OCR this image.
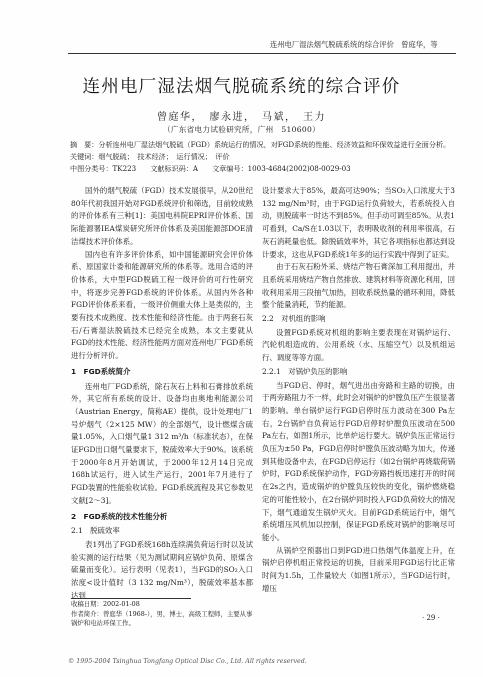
连州电厂湿法烟气脱硫系统的综合评价　曾庭华，等
连州电厂湿法烟气脱硫系统的综合评价
曾庭华，　廖永进，　马斌，　王力
（广东省电力试验研究所，广州　510600）
摘　要：分析连州电厂湿法烟气脱硫（FGD）系统运行的情况，对FGD系统的性能、经济效益和环保效益进行全面分析。
关键词：烟气脱硫；　技术经济；　运行情况；　评价
中图分类号：TK223　　文献标识码：A　　文章编号：1003-4684(2002)08-0029-03

国外的烟气脱硫（FGD）技术发展很早，从20世纪80年代初我国开始对FGD系统评价和筛选，目前较成熟的评价体系有三种[1]：美国电科院EPRI评价体系、国际能源署IEA煤炭研究所评价体系及美国能源部DOE清洁煤技术评价体系。

国内也有许多评价体系，如中国能源研究会评价体系、原国家计委和能源研究所的体系等。选用合适的评价体系，大中型FGD脱硫工程一级评价的可行性研究中，将逐步完善FGD系统的评价体系。从国内外各种FGD评价体系来看，一级评价侧重大体上是类似的，主要有技术成熟度、技术性能和经济性能。由于两套石灰石/石膏湿法脱硫技术已经完全成熟，本文主要就从FGD的技术性能、经济性能两方面对连州电厂FGD系统进行分析评价。

1　FGD系统简介

连州电厂FGD系统，除石灰石上料和石膏排放系统外，其它所有系统的设计、设备均由奥地利能源公司（Austrian Energy，简称AE）提供，设计处理电厂1号炉烟气（2×125 MW）的全部烟气，设计燃煤含硫量1.05%，入口烟气量1 312 m³/h（标准状态），在保证FGD出口烟气量要求下，脱硫效率大于90%。该系统于2000年8月开始调试，于2000年12月14日完成168h试运行，进入试生产运行，2001年7月进行了FGD装置的性能验收试验。FGD系统流程及其它参数见文献[2～3]。

2　FGD系统的技术性能分析

2.1　脱硫效率

表1列出了FGD系统168h连续满负荷运行时以及试验实测的运行结果（见为测试期间应锅炉负荷、原煤含硫量而变化）。运行表明（见表1），当FGD的SO₂入口浓度<设计值时（3 132 mg/Nm³），脱硫效率基本都达到

设计要求大于85%，最高可达90%；当SO₂入口浓度大于3 132 mg/Nm³时，由于FGD运行负荷较大，若系统投入自动，则脱硫率一时达不到85%。但手动可调至85%。从表1可看到，Ca/S在1.03以下，表明吸收剂的利用率很高，石灰石消耗量也低。除脱硫效率外，其它各项指标也都达到设计要求，这也从FGD系统1年多的运行实践中得到了证实。

由于石灰石粉外采、烧结产物石膏深加工利用提出，并且系统采用烧结产物自然排放、建筑材料等资源化利用，回收利用采用三段抽气加热，回收系统热量的循环利用，降低整个能量消耗，节约能源。

2.2　对机组的影响

设置FGD系统对机组的影响主要表现在对锅炉运行、汽轮机组造成的、公用系统（水、压缩空气）以及机组运行、调度等等方面。

2.2.1　对锅炉负压的影响

当FGD启、停时，烟气进出由旁路和主路的切换，由于两旁路阻力不一样，此时会对锅炉的炉膛负压产生很显著的影响。单台锅炉运行FGD启停时压力波动在300 Pa左右，2台锅炉自负荷运行FGD启停时炉膛负压波动在500 Pa左右，如图1所示，比单炉运行要大。锅炉负压正常运行负压为±50 Pa，FGD启停时炉膛负压波动略为加大，传递到其他设备中去，在FGD启停运行（如2台锅炉再烧载荷锅炉时，FGD系统保护动作，FGD旁路挡板迅速打开的时间在2s之内，造成锅炉的炉膛负压较快的变化，锅炉燃烧稳定的可能性较小，在2台锅炉同时投入FGD负荷较大的情况下，烟气通道发生锅炉灭火。目前FGD系统运行中，烟气系统增压风机加以控制，保证FGD系统对锅炉的影响尽可能小。

从锅炉空预器出口到FGD进口热烟气体温度上升，在锅炉启停机组正常投运的切换，目前采用FGD运行比正常时间为1.5h，工作量较大（如图1所示），当FGD运行时，增压

收稿日期：2002-01-08
作者简介：曾庭华（1968-），男，博士，高级工程师，主要从事锅炉和电站环保工作。
· 29 ·
© 1995-2004 Tsinghua Tongfang Optical Disc Co., Ltd. All rights reserved.
